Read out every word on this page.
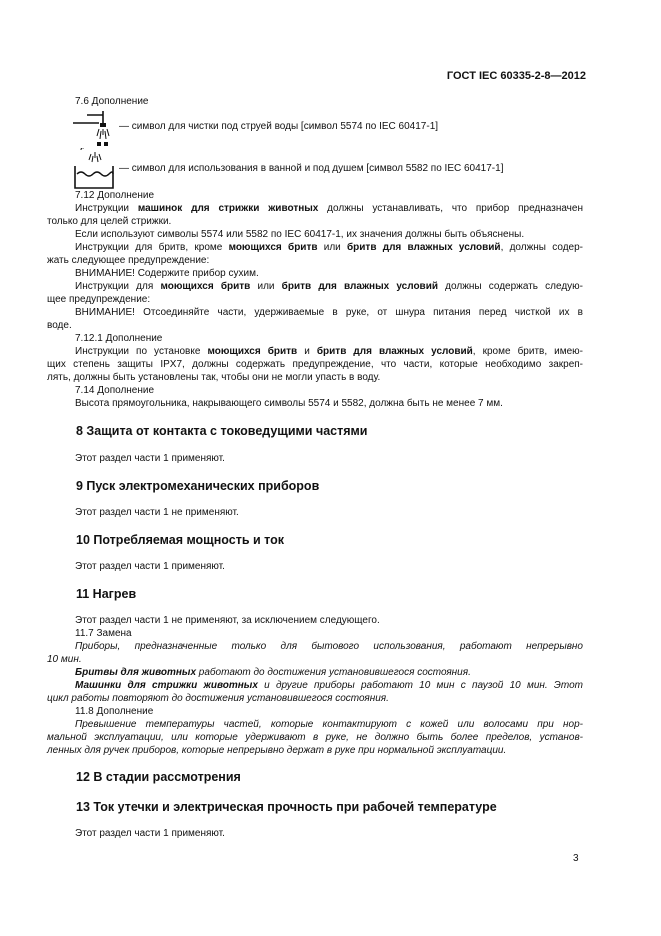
ГОСТ IEC 60335-2-8—2012
7.6 Дополнение
— символ для чистки под струей воды [символ 5574 по IEC 60417-1]
— символ для использования в ванной и под душем [символ 5582 по IEC 60417-1]
7.12 Дополнение
Инструкции машинок для стрижки животных должны устанавливать, что прибор предназначен
только для целей стрижки.
Если используют символы 5574 или 5582 по IEC 60417-1, их значения должны быть объяснены.
Инструкции для бритв, кроме моющихся бритв или бритв для влажных условий, должны содер-
жать следующее предупреждение:
ВНИМАНИЕ! Содержите прибор сухим.
Инструкции для моющихся бритв или бритв для влажных условий должны содержать следую-
щее предупреждение:
ВНИМАНИЕ! Отсоединяйте части, удерживаемые в руке, от шнура питания перед чисткой их в
воде.
7.12.1 Дополнение
Инструкции по установке моющихся бритв и бритв для влажных условий, кроме бритв, имею-
щих степень защиты IPX7, должны содержать предупреждение, что части, которые необходимо закреп-
лять, должны быть установлены так, чтобы они не могли упасть в воду.
7.14 Дополнение
Высота прямоугольника, накрывающего символы 5574 и 5582, должна быть не менее 7 мм.
8 Защита от контакта с токоведущими частями
Этот раздел части 1 применяют.
9 Пуск электромеханических приборов
Этот раздел части 1 не применяют.
10 Потребляемая мощность и ток
Этот раздел части 1 применяют.
11 Нагрев
Этот раздел части 1 не применяют, за исключением следующего.
11.7 Замена
Приборы, предназначенные только для бытового использования, работают непрерывно
10 мин.
Бритвы для животных работают до достижения установившегося состояния.
Машинки для стрижки животных и другие приборы работают 10 мин с паузой 10 мин. Этот
цикл работы повторяют до достижения установившегося состояния.
11.8 Дополнение
Превышение температуры частей, которые контактируют с кожей или волосами при нор-
мальной эксплуатации, или которые удерживают в руке, не должно быть более пределов, установ-
ленных для ручек приборов, которые непрерывно держат в руке при нормальной эксплуатации.
12 В стадии рассмотрения
13 Ток утечки и электрическая прочность при рабочей температуре
Этот раздел части 1 применяют.
3
